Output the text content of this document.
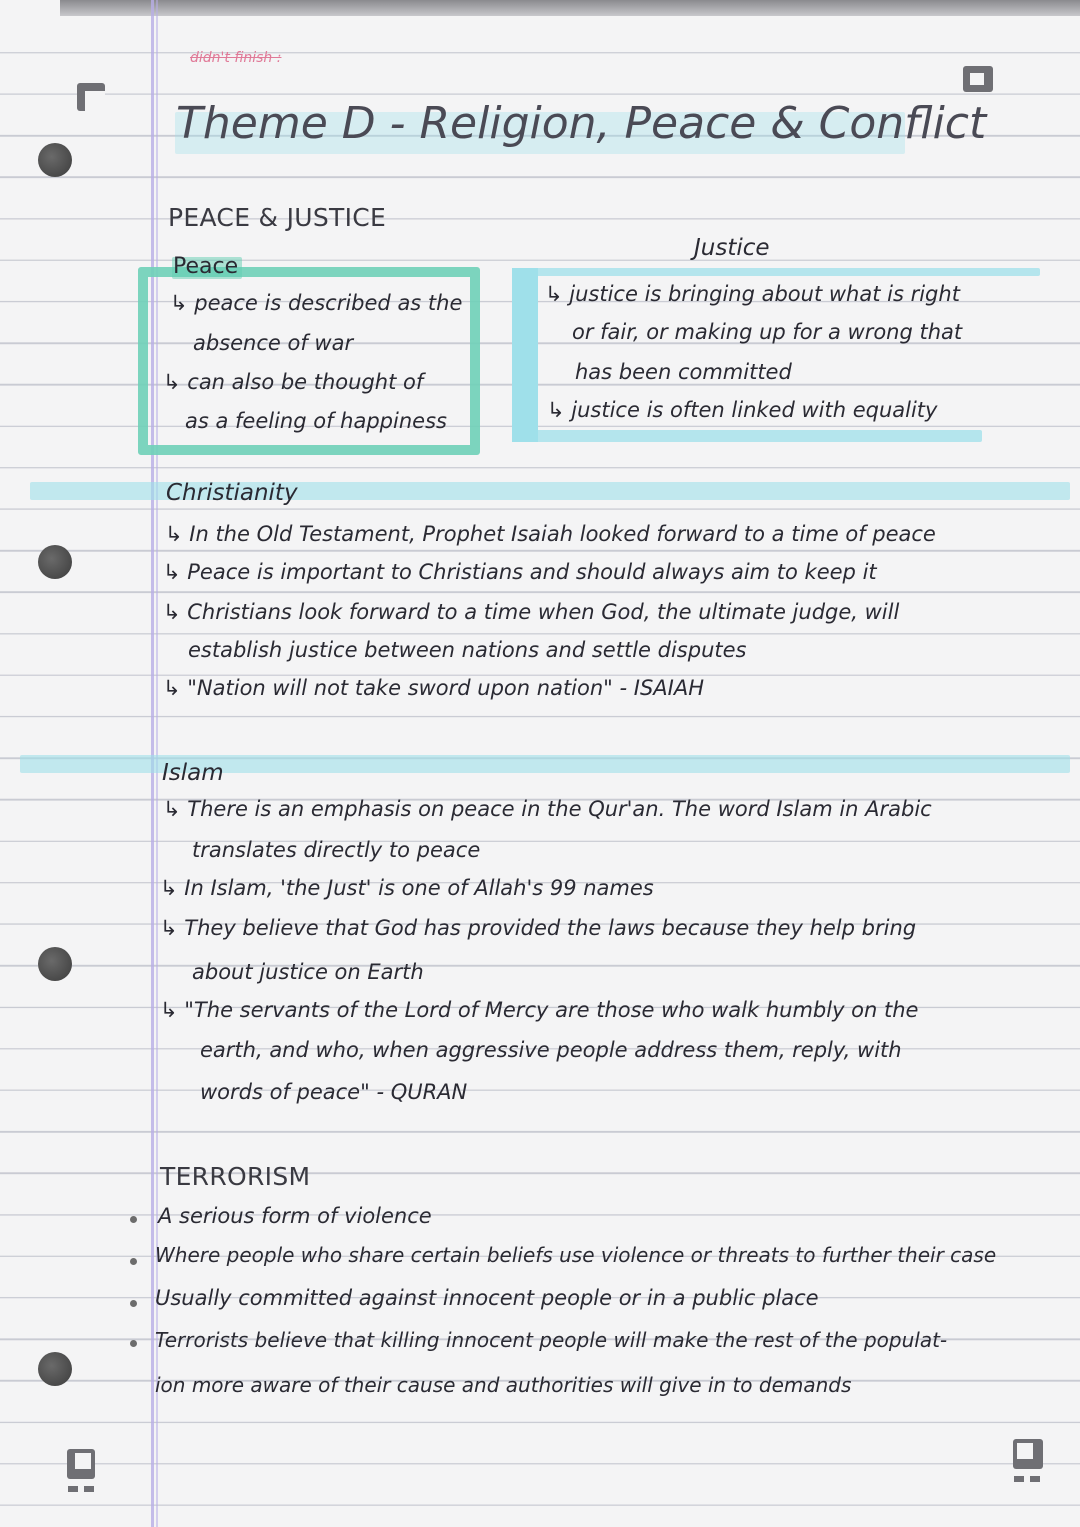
didn't finish :
Theme D - Religion, Peace & Conflict
PEACE & JUSTICE
Peace
↳ peace is described as the
absence of war
↳ can also be thought of
as a feeling of happiness
Justice
↳ justice is bringing about what is right
or fair, or making up for a wrong that
has been committed
↳ justice is often linked with equality
Christianity
↳ In the Old Testament, Prophet Isaiah looked forward to a time of peace
↳ Peace is important to Christians and should always aim to keep it
↳ Christians look forward to a time when God, the ultimate judge, will
establish justice between nations and settle disputes
↳ "Nation will not take sword upon nation" - ISAIAH
Islam
↳ There is an emphasis on peace in the Qur'an. The word Islam in Arabic
translates directly to peace
↳ In Islam, 'the Just' is one of Allah's 99 names
↳ They believe that God has provided the laws because they help bring
about justice on Earth
↳ "The servants of the Lord of Mercy are those who walk humbly on the
earth, and who, when aggressive people address them, reply, with
words of peace" - QURAN
TERRORISM
A serious form of violence
Where people who share certain beliefs use violence or threats to further their case
Usually committed against innocent people or in a public place
Terrorists believe that killing innocent people will make the rest of the populat-
ion more aware of their cause and authorities will give in to demands
